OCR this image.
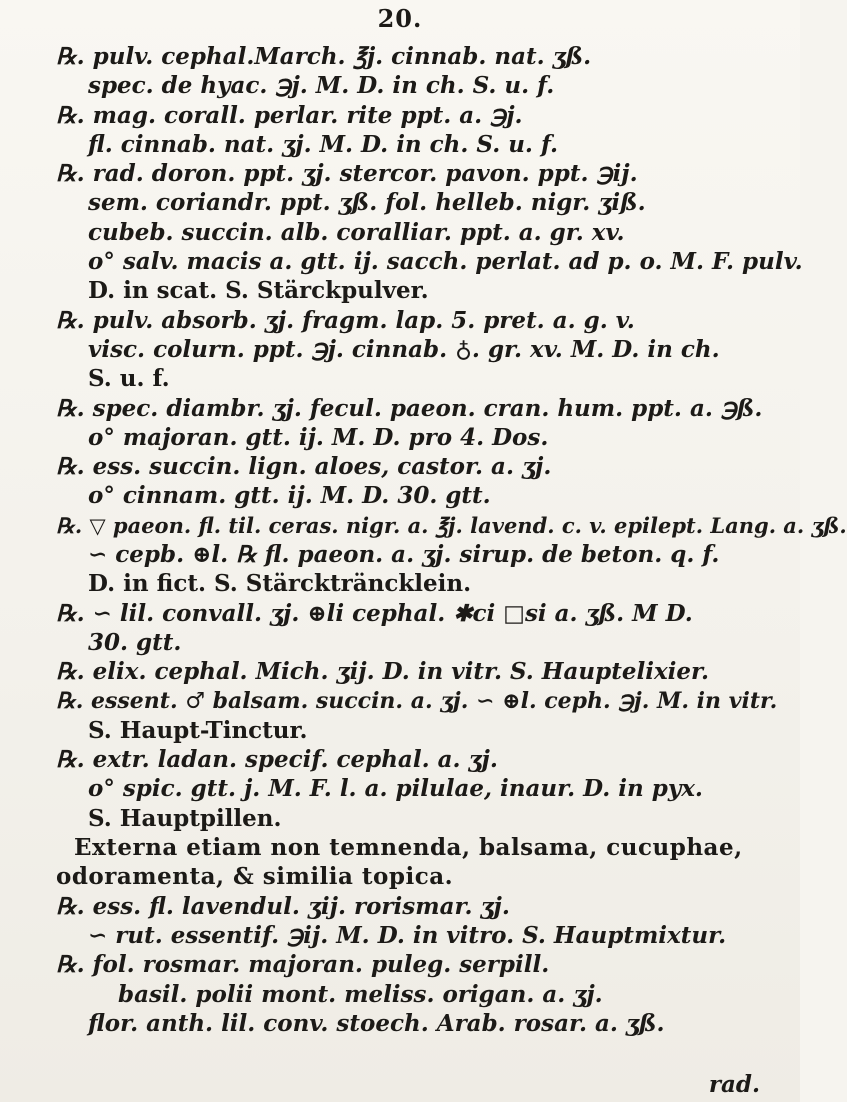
20.
℞. pulv. cephal.March. ℥j. cinnab. nat. ʒß.
spec. de hyac. ℈j. M. D. in ch. S. u. f.
℞. mag. corall. perlar. rite ppt. a. ℈j.
fl. cinnab. nat. ʒj. M. D. in ch. S. u. f.
℞. rad. doron. ppt. ʒj. stercor. pavon. ppt. ℈ij.
sem. coriandr. ppt. ʒß. fol. helleb. nigr. ʒiß.
cubeb. succin. alb. coralliar. ppt. a. gr. xv.
o° salv. macis a. gtt. ij. sacch. perlat. ad p. o. M. F. pulv.
D. in scat. S. Stärckpulver.
℞. pulv. absorb. ʒj. fragm. lap. 5. pret. a. g. v.
visc. colurn. ppt. ℈j. cinnab. ♁. gr. xv. M. D. in ch.
S. u. f.
℞. spec. diambr. ʒj. fecul. paeon. cran. hum. ppt. a. ℈ß.
o° majoran. gtt. ij. M. D. pro 4. Dos.
℞. ess. succin. lign. aloes, castor. a. ʒj.
o° cinnam. gtt. ij. M. D. 30. gtt.
℞. ▽ paeon. fl. til. ceras. nigr. a. ℥j. lavend. c. v. epilept. Lang. a. ʒß.
∽ cepb. ⊕l. ℞ fl. paeon. a. ʒj. sirup. de beton. q. f.
D. in fict. S. Stärckträncklein.
℞. ∽ lil. convall. ʒj. ⊕li cephal. ✱ci □si a. ʒß. M D.
30. gtt.
℞. elix. cephal. Mich. ʒij. D. in vitr. S. Hauptelixier.
℞. essent. ♂ balsam. succin. a. ʒj. ∽ ⊕l. ceph. ℈j. M. in vitr.
S. Haupt-Tinctur.
℞. extr. ladan. specif. cephal. a. ʒj.
o° spic. gtt. j. M. F. l. a. pilulae, inaur. D. in pyx.
S. Hauptpillen.
Externa etiam non temnenda, balsama, cucuphae,
odoramenta, & similia topica.
℞. ess. fl. lavendul. ʒij. rorismar. ʒj.
∽ rut. essentif. ℈ij. M. D. in vitro. S. Hauptmixtur.
℞. fol. rosmar. majoran. puleg. serpill.
basil. polii mont. meliss. origan. a. ʒj.
flor. anth. lil. conv. stoech. Arab. rosar. a. ʒß.
rad.
